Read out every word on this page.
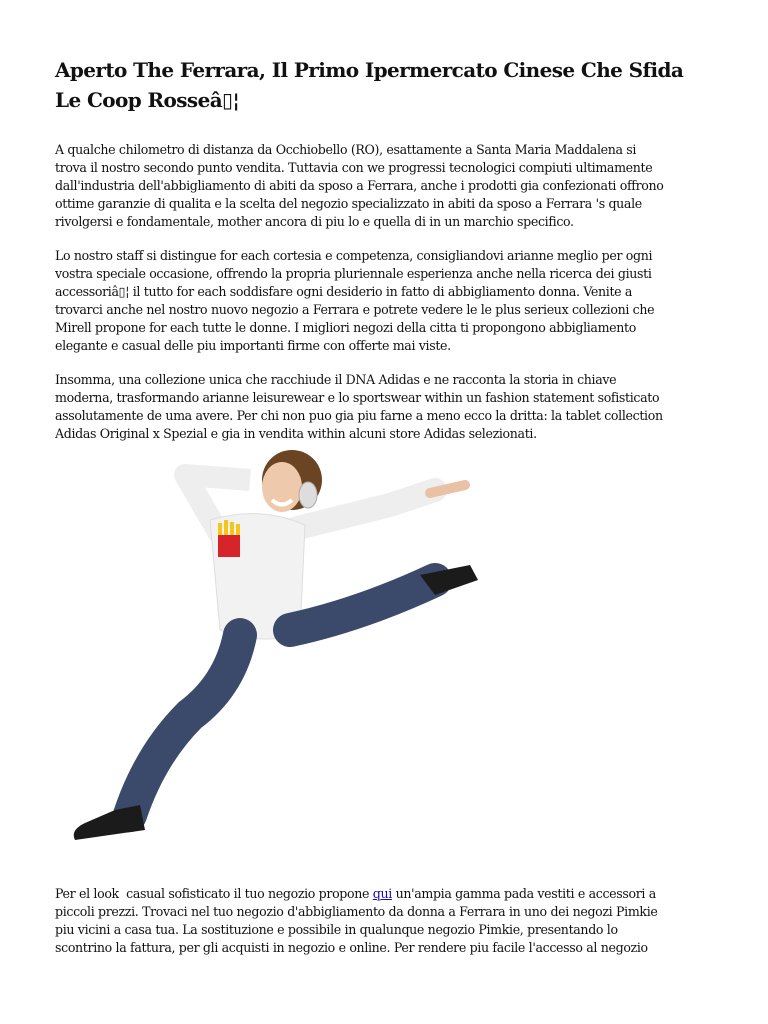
Aperto The Ferrara, Il Primo Ipermercato Cinese Che Sfida
Le Coop Rosseâ▯¦
A qualche chilometro di distanza da Occhiobello (RO), esattamente a Santa Maria Maddalena si
trova il nostro secondo punto vendita. Tuttavia con we progressi tecnologici compiuti ultimamente
dall'industria dell'abbigliamento di abiti da sposo a Ferrara, anche i prodotti gia confezionati offrono
ottime garanzie di qualita e la scelta del negozio specializzato in abiti da sposo a Ferrara 's quale
rivolgersi e fondamentale, mother ancora di piu lo e quella di in un marchio specifico.
Lo nostro staff si distingue for each cortesia e competenza, consigliandovi arianne meglio per ogni
vostra speciale occasione, offrendo la propria pluriennale esperienza anche nella ricerca dei giusti
accessoriâ▯¦ il tutto for each soddisfare ogni desiderio in fatto di abbigliamento donna. Venite a
trovarci anche nel nostro nuovo negozio a Ferrara e potrete vedere le le plus serieux collezioni che
Mirell propone for each tutte le donne. I migliori negozi della citta ti propongono abbigliamento
elegante e casual delle piu importanti firme con offerte mai viste.
Insomma, una collezione unica che racchiude il DNA Adidas e ne racconta la storia in chiave
moderna, trasformando arianne leisurewear e lo sportswear within un fashion statement sofisticato
assolutamente de uma avere. Per chi non puo gia piu farne a meno ecco la dritta: la tablet collection
Adidas Original x Spezial e gia in vendita within alcuni store Adidas selezionati.
Per el look  casual sofisticato il tuo negozio propone qui un'ampia gamma pada vestiti e accessori a
piccoli prezzi. Trovaci nel tuo negozio d'abbigliamento da donna a Ferrara in uno dei negozi Pimkie
piu vicini a casa tua. La sostituzione e possibile in qualunque negozio Pimkie, presentando lo
scontrino la fattura, per gli acquisti in negozio e online. Per rendere piu facile l'accesso al negozio
